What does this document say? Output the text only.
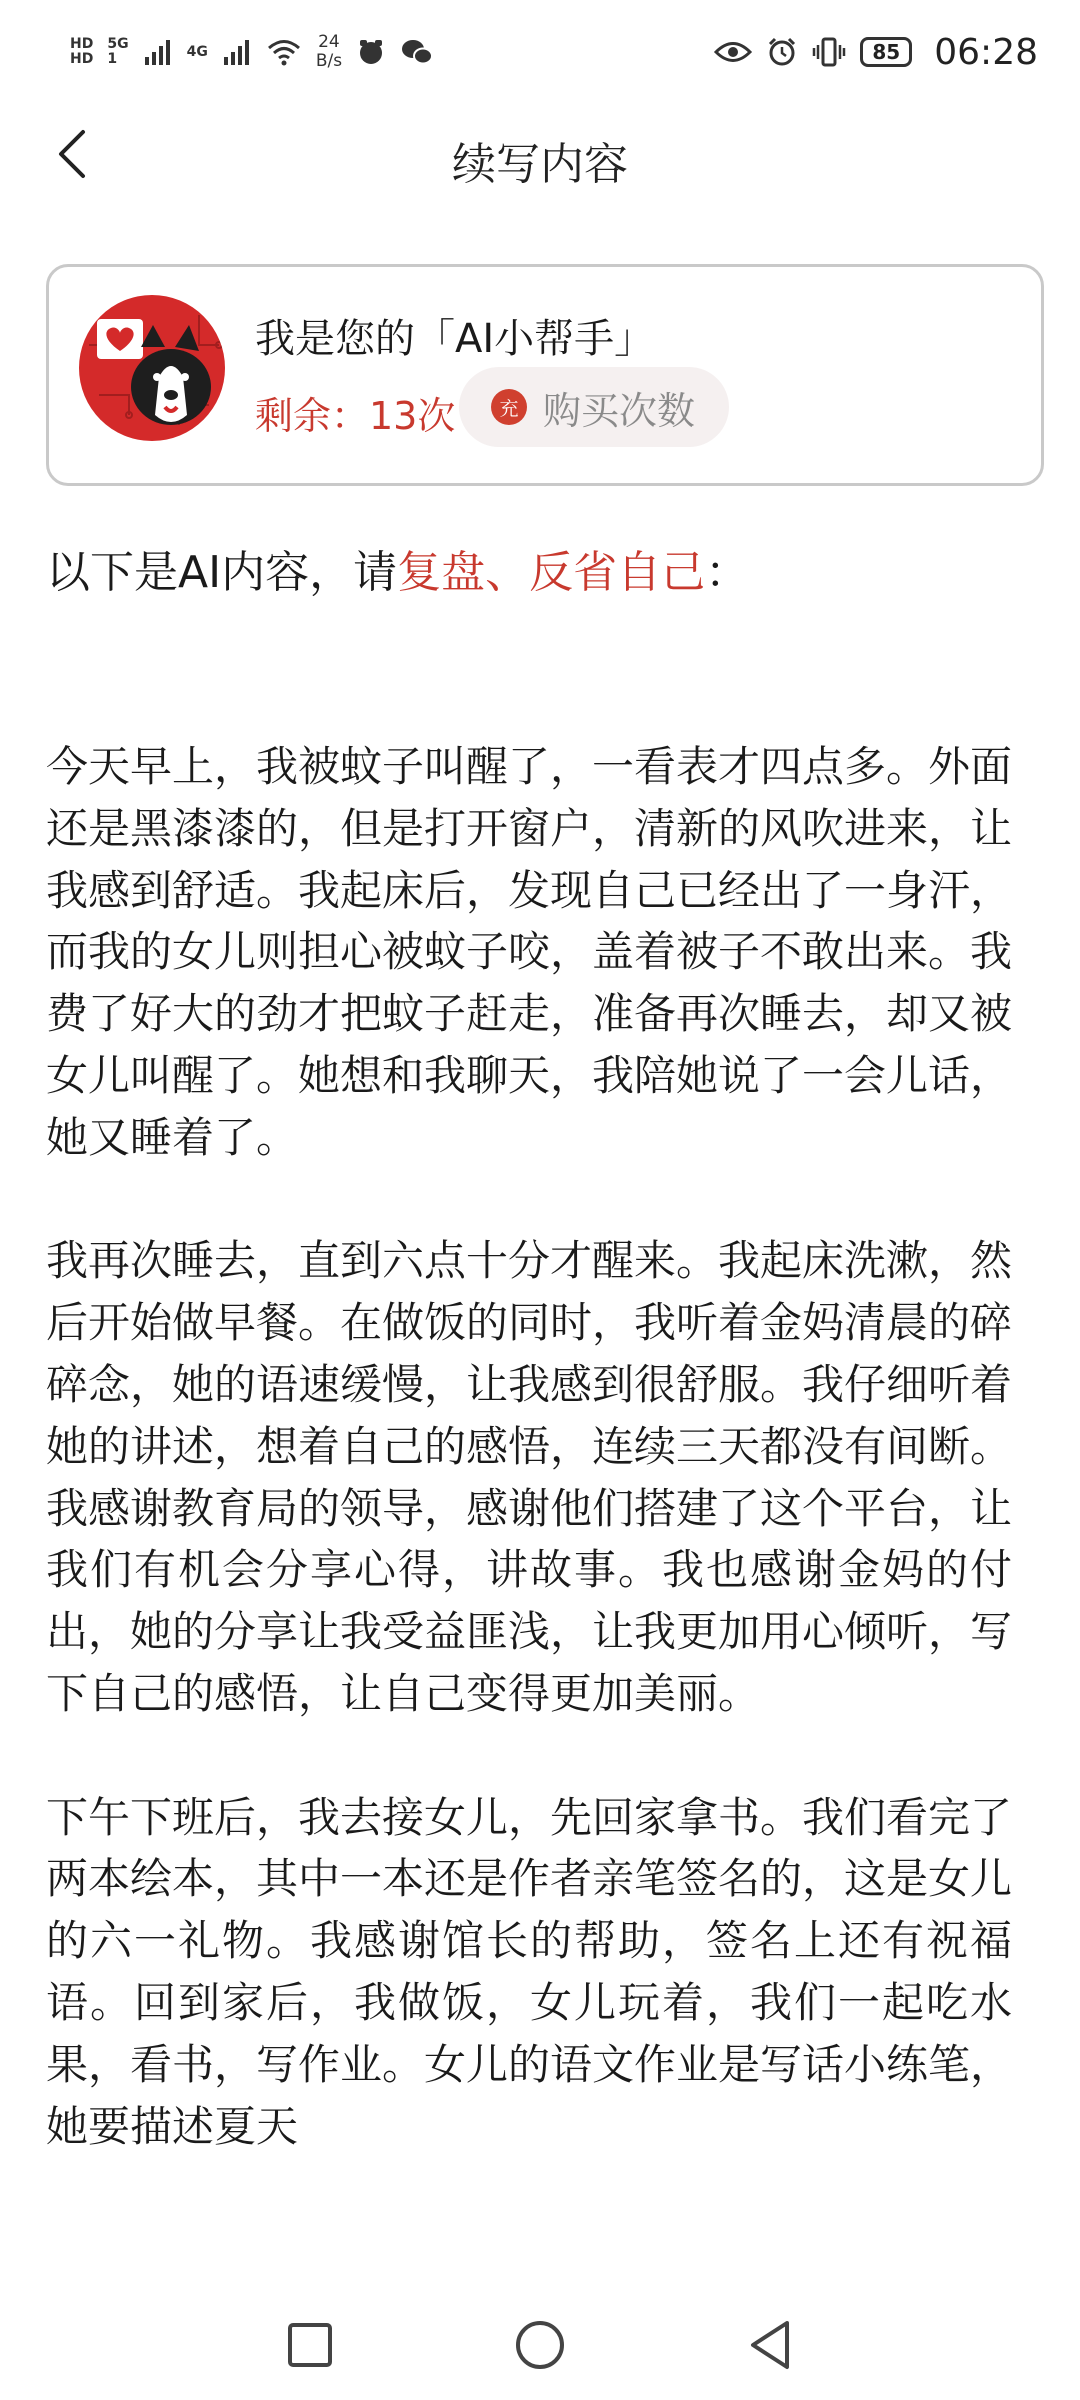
HD
HD
5G
1	4G	24
B/s	85 06:28
续写内容
我是您的「AI小帮手」
剩余：13次	充 购买次数
以下是AI内容，请复盘、反省自己：

今天早上，我被蚊子叫醒了，一看表才四点多。外面还是黑漆漆的，但是打开窗户，清新的风吹进来，让我感到舒适。我起床后，发现自己已经出了一身汗，而我的女儿则担心被蚊子咬，盖着被子不敢出来。我费了好大的劲才把蚊子赶走，准备再次睡去，却又被女儿叫醒了。她想和我聊天，我陪她说了一会儿话，她又睡着了。

我再次睡去，直到六点十分才醒来。我起床洗漱，然后开始做早餐。在做饭的同时，我听着金妈清晨的碎碎念，她的语速缓慢，让我感到很舒服。我仔细听着她的讲述，想着自己的感悟，连续三天都没有间断。我感谢教育局的领导，感谢他们搭建了这个平台，让我们有机会分享心得，讲故事。我也感谢金妈的付出，她的分享让我受益匪浅，让我更加用心倾听，写下自己的感悟，让自己变得更加美丽。

下午下班后，我去接女儿，先回家拿书。我们看完了两本绘本，其中一本还是作者亲笔签名的，这是女儿的六一礼物。我感谢馆长的帮助，签名上还有祝福语。回到家后，我做饭，女儿玩着，我们一起吃水果，看书，写作业。女儿的语文作业是写话小练笔，她要描述夏天
